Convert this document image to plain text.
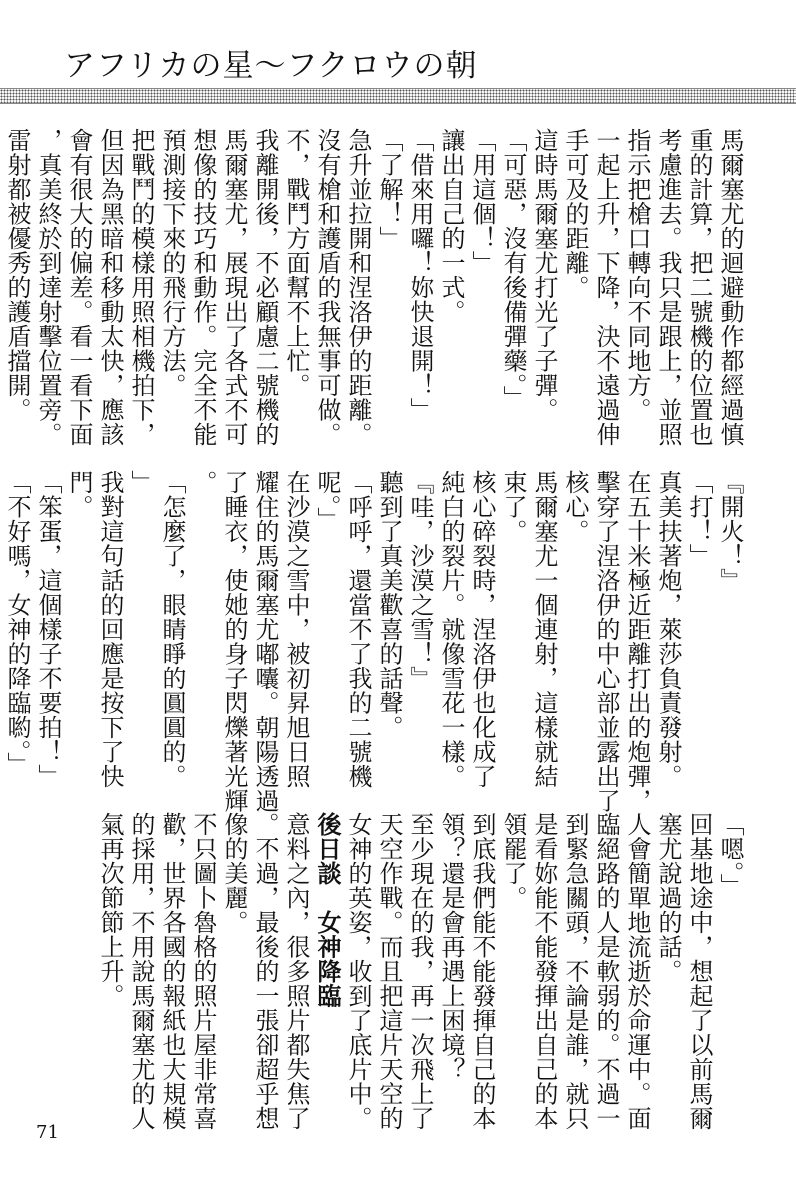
アフリカの星〜フクロウの朝
馬爾塞尤的迴避動作都經過慎
重的計算，把二號機的位置也
考慮進去。我只是跟上，並照
指示把槍口轉向不同地方。
一起上升，下降，決不遠過伸
手可及的距離。
這時馬爾塞尤打光了子彈。
「可惡，沒有後備彈藥。」
「用這個！」
讓出自己的一式。
「借來用囉！妳快退開！」
「了解！」
急升並拉開和涅洛伊的距離。
沒有槍和護盾的我無事可做。
不，戰鬥方面幫不上忙。
我離開後，不必顧慮二號機的
馬爾塞尤，展現出了各式不可
想像的技巧和動作。完全不能
預測接下來的飛行方法。
把戰鬥的模樣用照相機拍下，
但因為黑暗和移動太快，應該
會有很大的偏差。看一看下面
，真美終於到達射擊位置旁。
雷射都被優秀的護盾擋開。
『開火！』
「打！」
真美扶著炮，萊莎負責發射。
在五十米極近距離打出的炮彈，
擊穿了涅洛伊的中心部並露出了
核心。
馬爾塞尤一個連射，這樣就結
束了。
核心碎裂時，涅洛伊也化成了
純白的裂片。就像雪花一樣。
『哇，沙漠之雪！』
聽到了真美歡喜的話聲。
「呼呼，還當不了我的二號機
呢。」
在沙漠之雪中，被初昇旭日照
耀住的馬爾塞尤嘟囔。朝陽透過
了睡衣，使她的身子閃爍著光輝
。
「怎麼了，眼睛睜的圓圓的。
」
我對這句話的回應是按下了快
門。
「笨蛋，這個樣子不要拍！」
「不好嗎，女神的降臨喲。」
「嗯。」
回基地途中，想起了以前馬爾
塞尤說過的話。
人會簡單地流逝於命運中。面
臨絕路的人是軟弱的。不過一
到緊急關頭，不論是誰，就只
是看妳能不能發揮出自己的本
領罷了。
到底我們能不能發揮自己的本
領？還是會再遇上困境？
至少現在的我，再一次飛上了
天空作戰。而且把這片天空的
女神的英姿，收到了底片中。
後日談　女神降臨
意料之內，很多照片都失焦了
。不過，最後的一張卻超乎想
像的美麗。
不只圖卜魯格的照片屋非常喜
歡，世界各國的報紙也大規模
的採用，不用說馬爾塞尤的人
氣再次節節上升。
71
